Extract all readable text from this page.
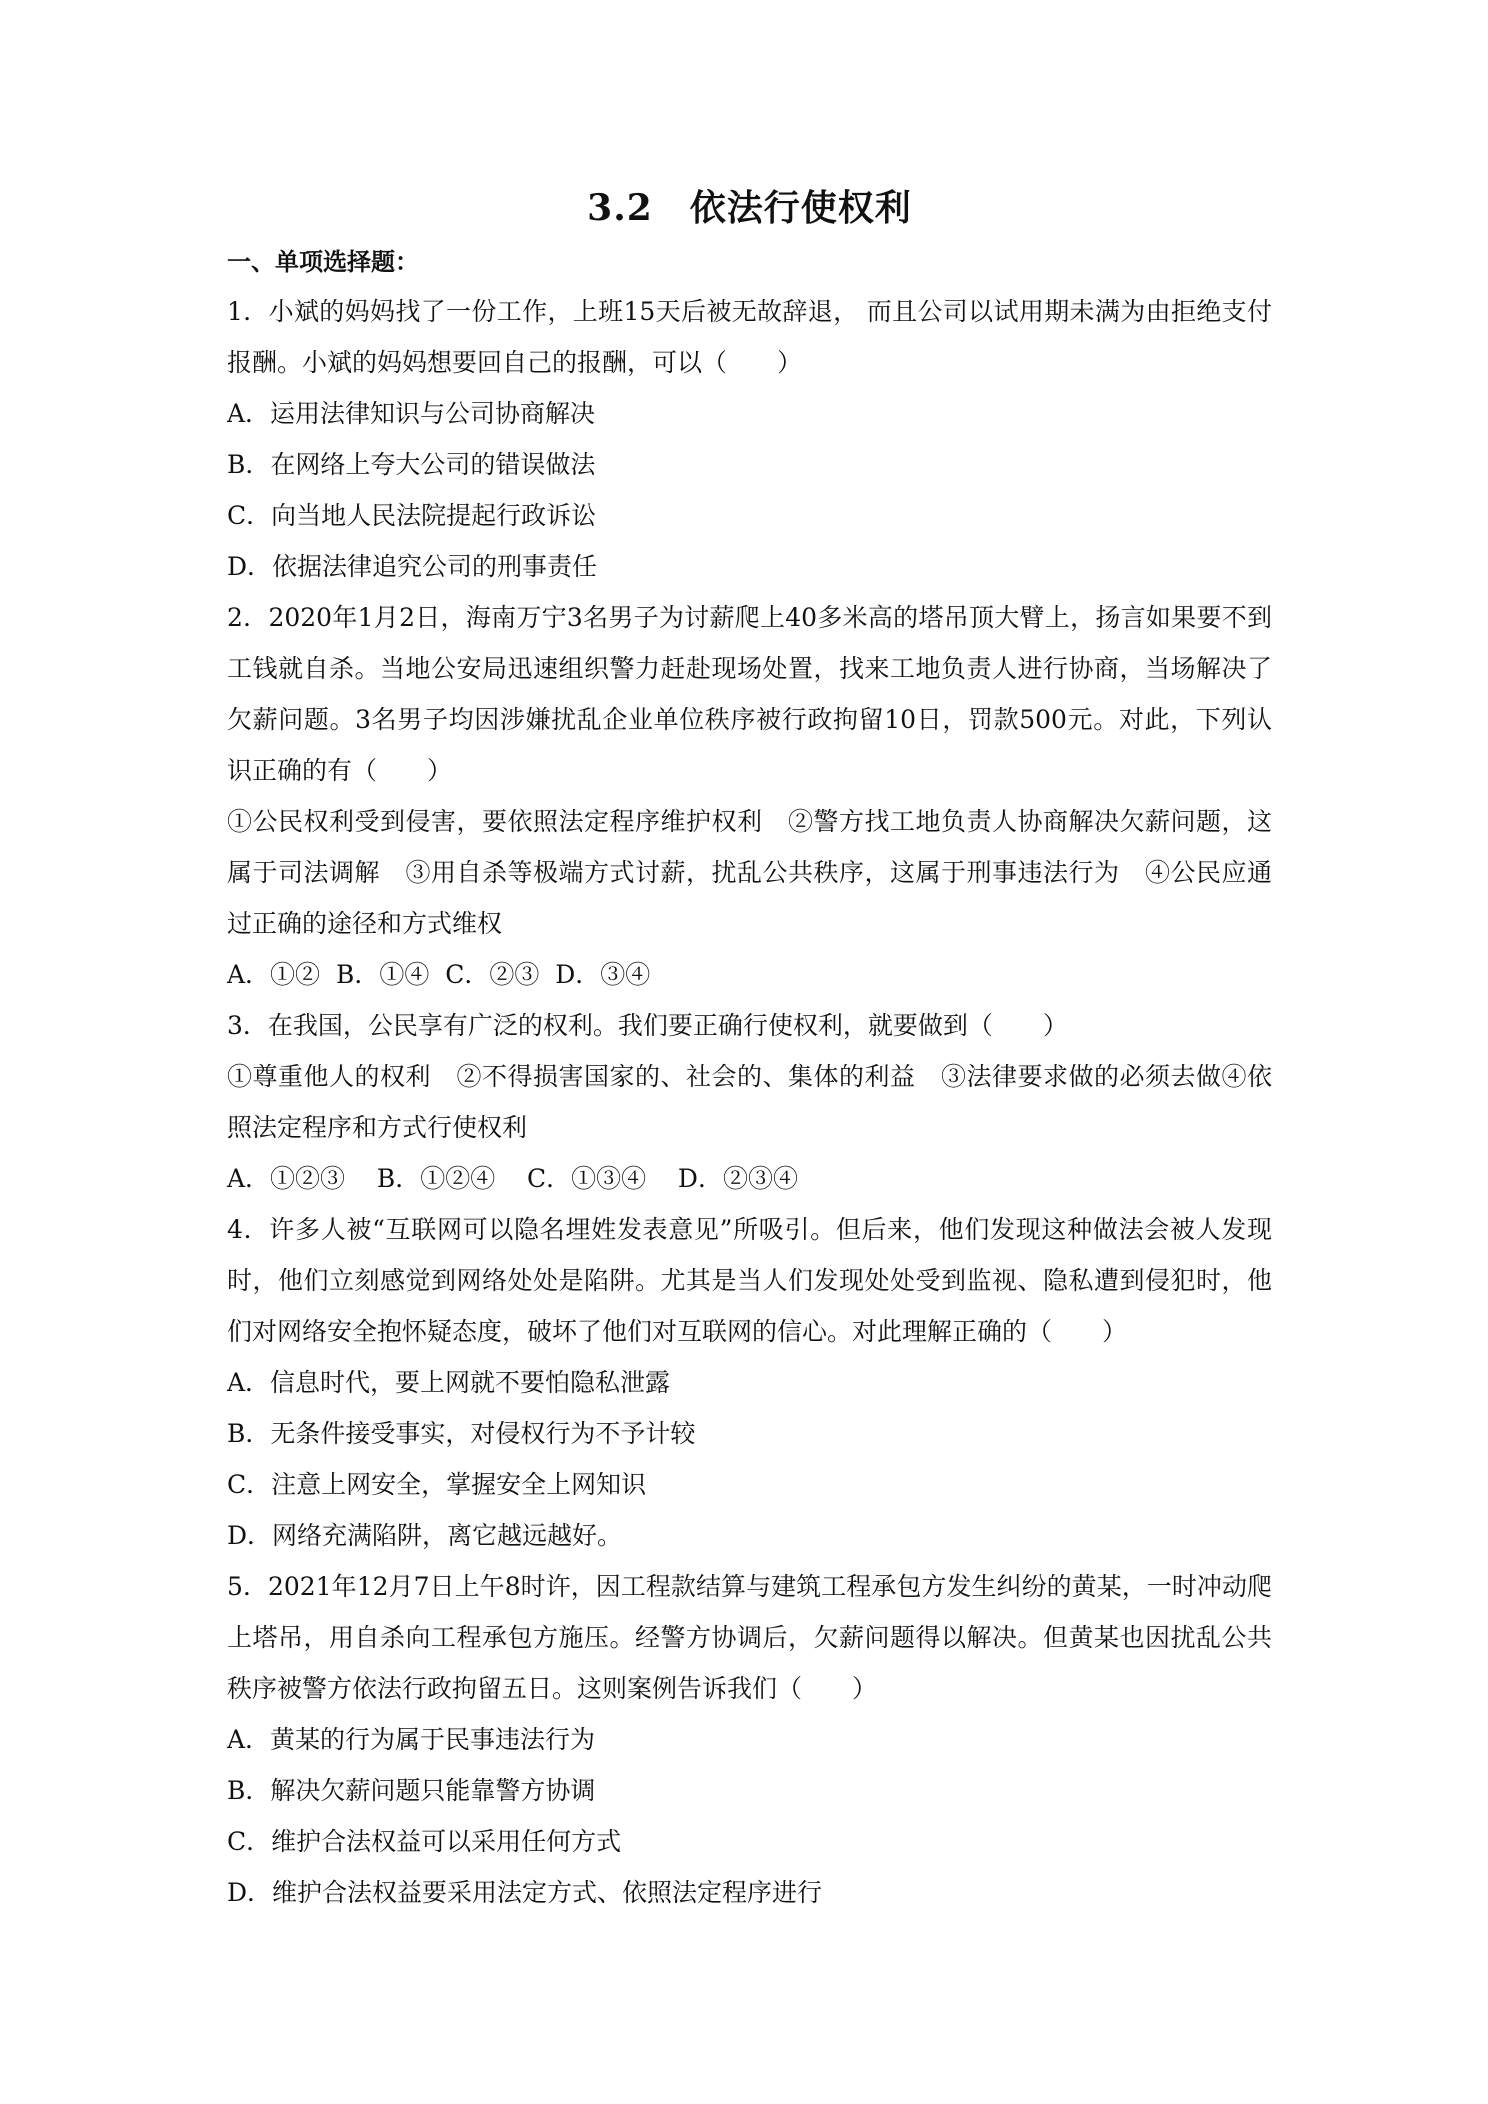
3.2　依法行使权利
一、单项选择题：

1．小斌的妈妈找了一份工作，上班15天后被无故辞退， 而且公司以试用期未满为由拒绝支付报酬。小斌的妈妈想要回自己的报酬，可以（　　）

A．运用法律知识与公司协商解决

B．在网络上夸大公司的错误做法

C．向当地人民法院提起行政诉讼

D．依据法律追究公司的刑事责任

2．2020年1月2日，海南万宁3名男子为讨薪爬上40多米高的塔吊顶大臂上，扬言如果要不到工钱就自杀。当地公安局迅速组织警力赶赴现场处置，找来工地负责人进行协商，当场解决了欠薪问题。3名男子均因涉嫌扰乱企业单位秩序被行政拘留10日，罚款500元。对此，下列认识正确的有（　　）

①公民权利受到侵害，要依照法定程序维护权利　②警方找工地负责人协商解决欠薪问题，这属于司法调解　③用自杀等极端方式讨薪，扰乱公共秩序，这属于刑事违法行为　④公民应通过正确的途径和方式维权

A．①②  B．①④  C．②③  D．③④

3．在我国，公民享有广泛的权利。我们要正确行使权利，就要做到（　　）

①尊重他人的权利　②不得损害国家的、社会的、集体的利益　③法律要求做的必须去做④依照法定程序和方式行使权利

A．①②③    B．①②④    C．①③④    D．②③④

4．许多人被“互联网可以隐名埋姓发表意见”所吸引。但后来，他们发现这种做法会被人发现时，他们立刻感觉到网络处处是陷阱。尤其是当人们发现处处受到监视、隐私遭到侵犯时，他们对网络安全抱怀疑态度，破坏了他们对互联网的信心。对此理解正确的（　　）

A．信息时代，要上网就不要怕隐私泄露

B．无条件接受事实，对侵权行为不予计较

C．注意上网安全，掌握安全上网知识

D．网络充满陷阱，离它越远越好。

5．2021年12月7日上午8时许，因工程款结算与建筑工程承包方发生纠纷的黄某，一时冲动爬上塔吊，用自杀向工程承包方施压。经警方协调后，欠薪问题得以解决。但黄某也因扰乱公共秩序被警方依法行政拘留五日。这则案例告诉我们（　　）

A．黄某的行为属于民事违法行为

B．解决欠薪问题只能靠警方协调

C．维护合法权益可以采用任何方式

D．维护合法权益要采用法定方式、依照法定程序进行
